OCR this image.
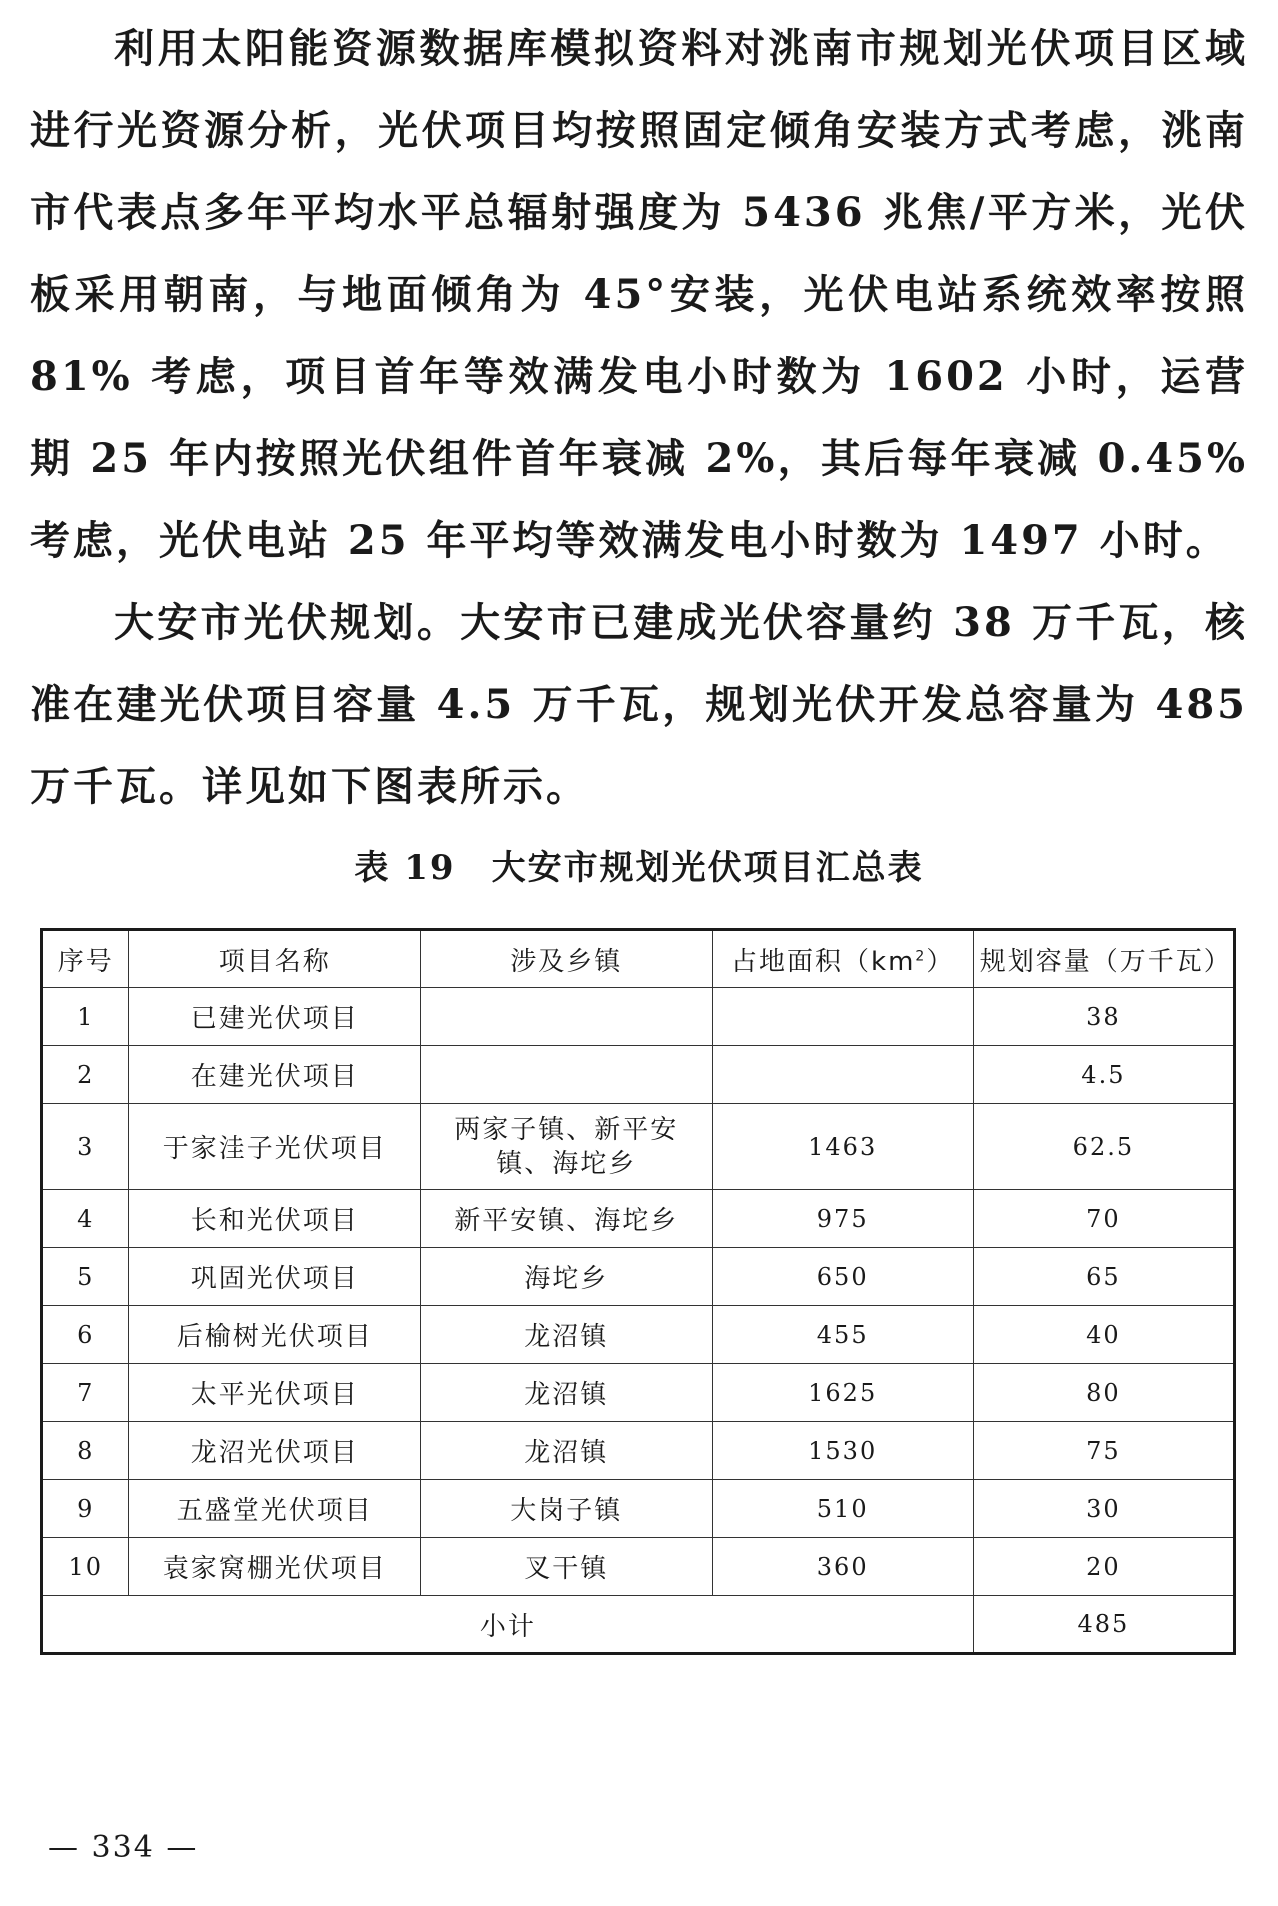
利用太阳能资源数据库模拟资料对洮南市规划光伏项目区域进行光资源分析，光伏项目均按照固定倾角安装方式考虑，洮南市代表点多年平均水平总辐射强度为 5436 兆焦/平方米，光伏板采用朝南，与地面倾角为 45°安装，光伏电站系统效率按照 81% 考虑，项目首年等效满发电小时数为 1602 小时，运营期 25 年内按照光伏组件首年衰减 2%，其后每年衰减 0.45%考虑，光伏电站 25 年平均等效满发电小时数为 1497 小时。

大安市光伏规划。大安市已建成光伏容量约 38 万千瓦，核准在建光伏项目容量 4.5 万千瓦，规划光伏开发总容量为 485 万千瓦。详见如下图表所示。

表 19　大安市规划光伏项目汇总表

序号	项目名称	涉及乡镇	占地面积$(km^2)$	规划容量（万千瓦）
1	已建光伏项目			38
2	在建光伏项目			4.5
3	于家洼子光伏项目	两家子镇、新平安镇、海坨乡	1463	62.5
4	长和光伏项目	新平安镇、海坨乡	975	70
5	巩固光伏项目	海坨乡	650	65
6	后榆树光伏项目	龙沼镇	455	40
7	太平光伏项目	龙沼镇	1625	80
8	龙沼光伏项目	龙沼镇	1530	75
9	五盛堂光伏项目	大岗子镇	510	30
10	袁家窝棚光伏项目	叉干镇	360	20
小计				485

— 334 —
